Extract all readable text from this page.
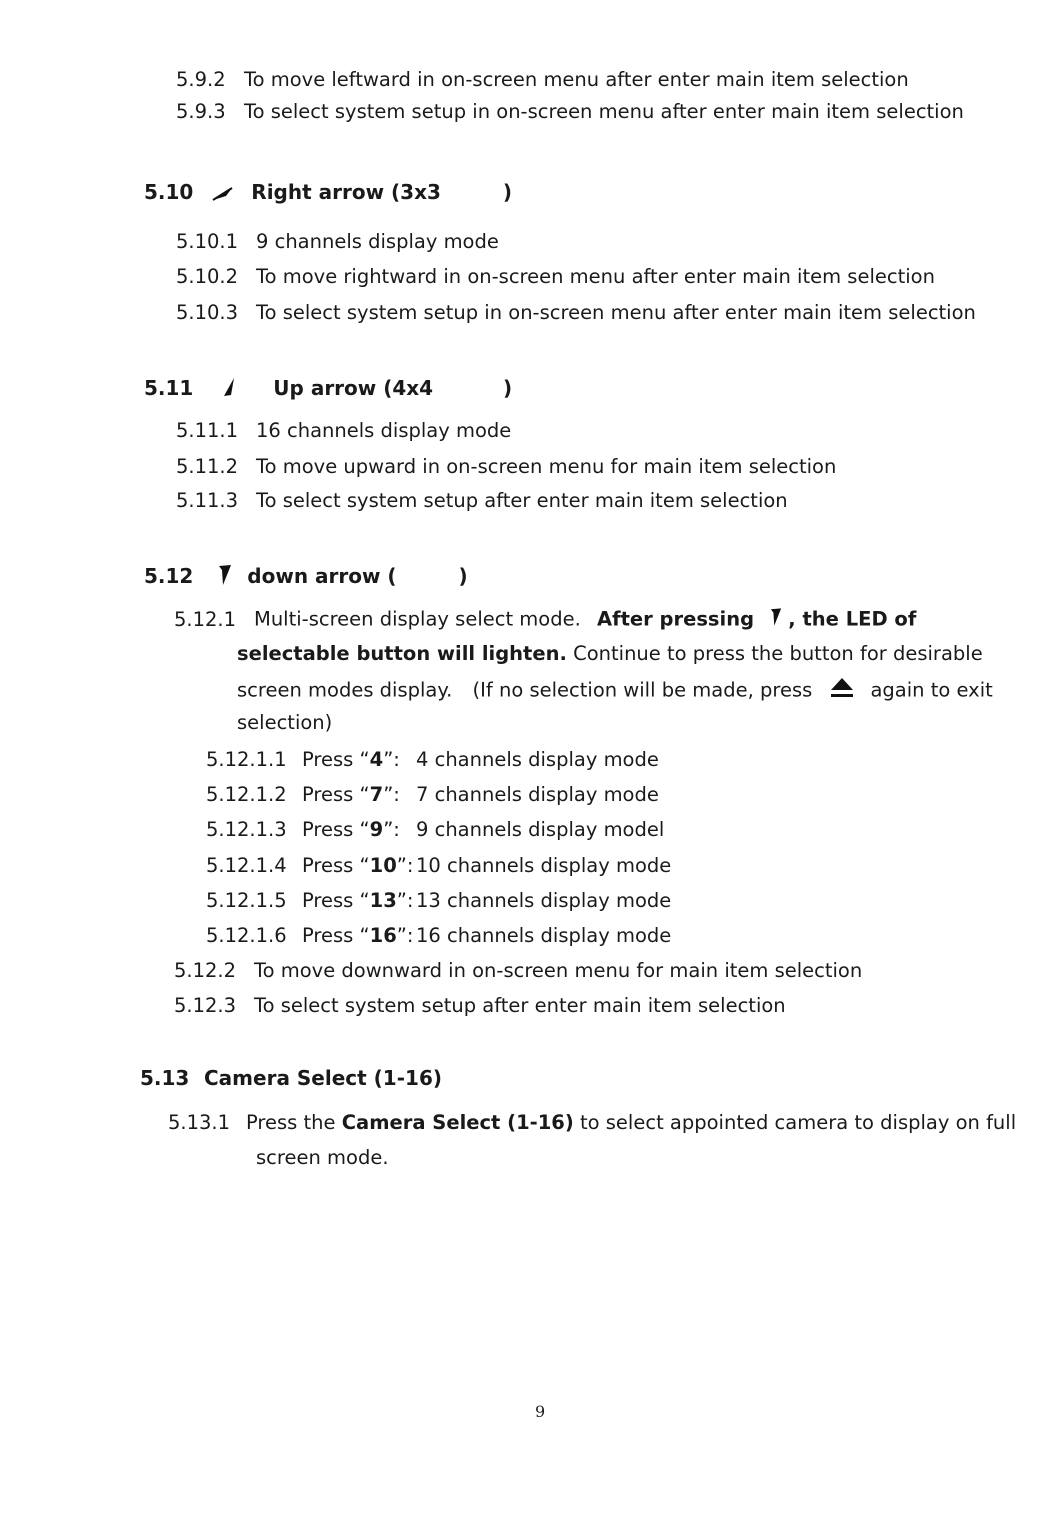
5.9.2 To move leftward in on-screen menu after enter main item selection
5.9.3 To select system setup in on-screen menu after enter main item selection
5.10	Right arrow (3x3	)
5.10.1 9 channels display mode
5.10.2 To move rightward in on-screen menu after enter main item selection
5.10.3 To select system setup in on-screen menu after enter main item selection
5.11	Up arrow (4x4	)
5.11.1 16 channels display mode
5.11.2 To move upward in on-screen menu for main item selection
5.11.3 To select system setup after enter main item selection
5.12	down arrow (	)
5.12.1 Multi-screen display select mode. After pressing , the LED of
selectable button will lighten. Continue to press the button for desirable
screen modes display. (If no selection will be made, press	again to exit
selection)
5.12.1.1 Press “4”: 4 channels display mode
5.12.1.2 Press “7”: 7 channels display mode
5.12.1.3 Press “9”: 9 channels display model
5.12.1.4 Press “10”: 10 channels display mode
5.12.1.5 Press “13”: 13 channels display mode
5.12.1.6 Press “16”: 16 channels display mode
5.12.2 To move downward in on-screen menu for main item selection
5.12.3 To select system setup after enter main item selection
5.13 Camera Select (1-16)
5.13.1 Press the Camera Select (1-16) to select appointed camera to display on full
screen mode.
9
